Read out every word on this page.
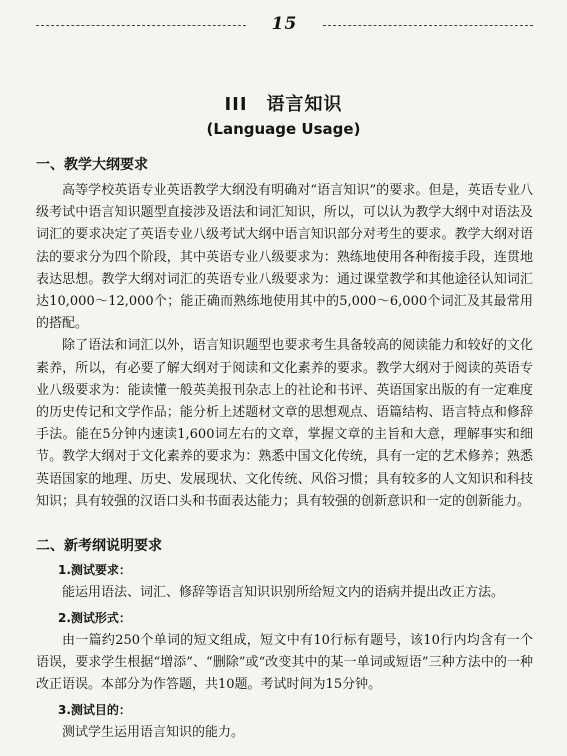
15
III　语言知识
(Language Usage)
一、教学大纲要求

高等学校英语专业英语教学大纲没有明确对“语言知识”的要求。但是，英语专业八级考试中语言知识题型直接涉及语法和词汇知识，所以，可以认为教学大纲中对语法及词汇的要求决定了英语专业八级考试大纲中语言知识部分对考生的要求。教学大纲对语法的要求分为四个阶段，其中英语专业八级要求为：熟练地使用各种衔接手段，连贯地表达思想。教学大纲对词汇的英语专业八级要求为：通过课堂教学和其他途径认知词汇达10,000～12,000个；能正确而熟练地使用其中的5,000～6,000个词汇及其最常用的搭配。

除了语法和词汇以外，语言知识题型也要求考生具备较高的阅读能力和较好的文化素养，所以，有必要了解大纲对于阅读和文化素养的要求。教学大纲对于阅读的英语专业八级要求为：能读懂一般英美报刊杂志上的社论和书评、英语国家出版的有一定难度的历史传记和文学作品；能分析上述题材文章的思想观点、语篇结构、语言特点和修辞手法。能在5分钟内速读1,600词左右的文章，掌握文章的主旨和大意，理解事实和细节。教学大纲对于文化素养的要求为：熟悉中国文化传统，具有一定的艺术修养；熟悉英语国家的地理、历史、发展现状、文化传统、风俗习惯；具有较多的人文知识和科技知识；具有较强的汉语口头和书面表达能力；具有较强的创新意识和一定的创新能力。

二、新考纲说明要求
1.测试要求：

能运用语法、词汇、修辞等语言知识识别所给短文内的语病并提出改正方法。

2.测试形式：

由一篇约250个单词的短文组成，短文中有10行标有题号，该10行内均含有一个语误，要求学生根据“增添”、“删除”或“改变其中的某一单词或短语”三种方法中的一种改正语误。本部分为作答题，共10题。考试时间为15分钟。

3.测试目的：

测试学生运用语言知识的能力。
